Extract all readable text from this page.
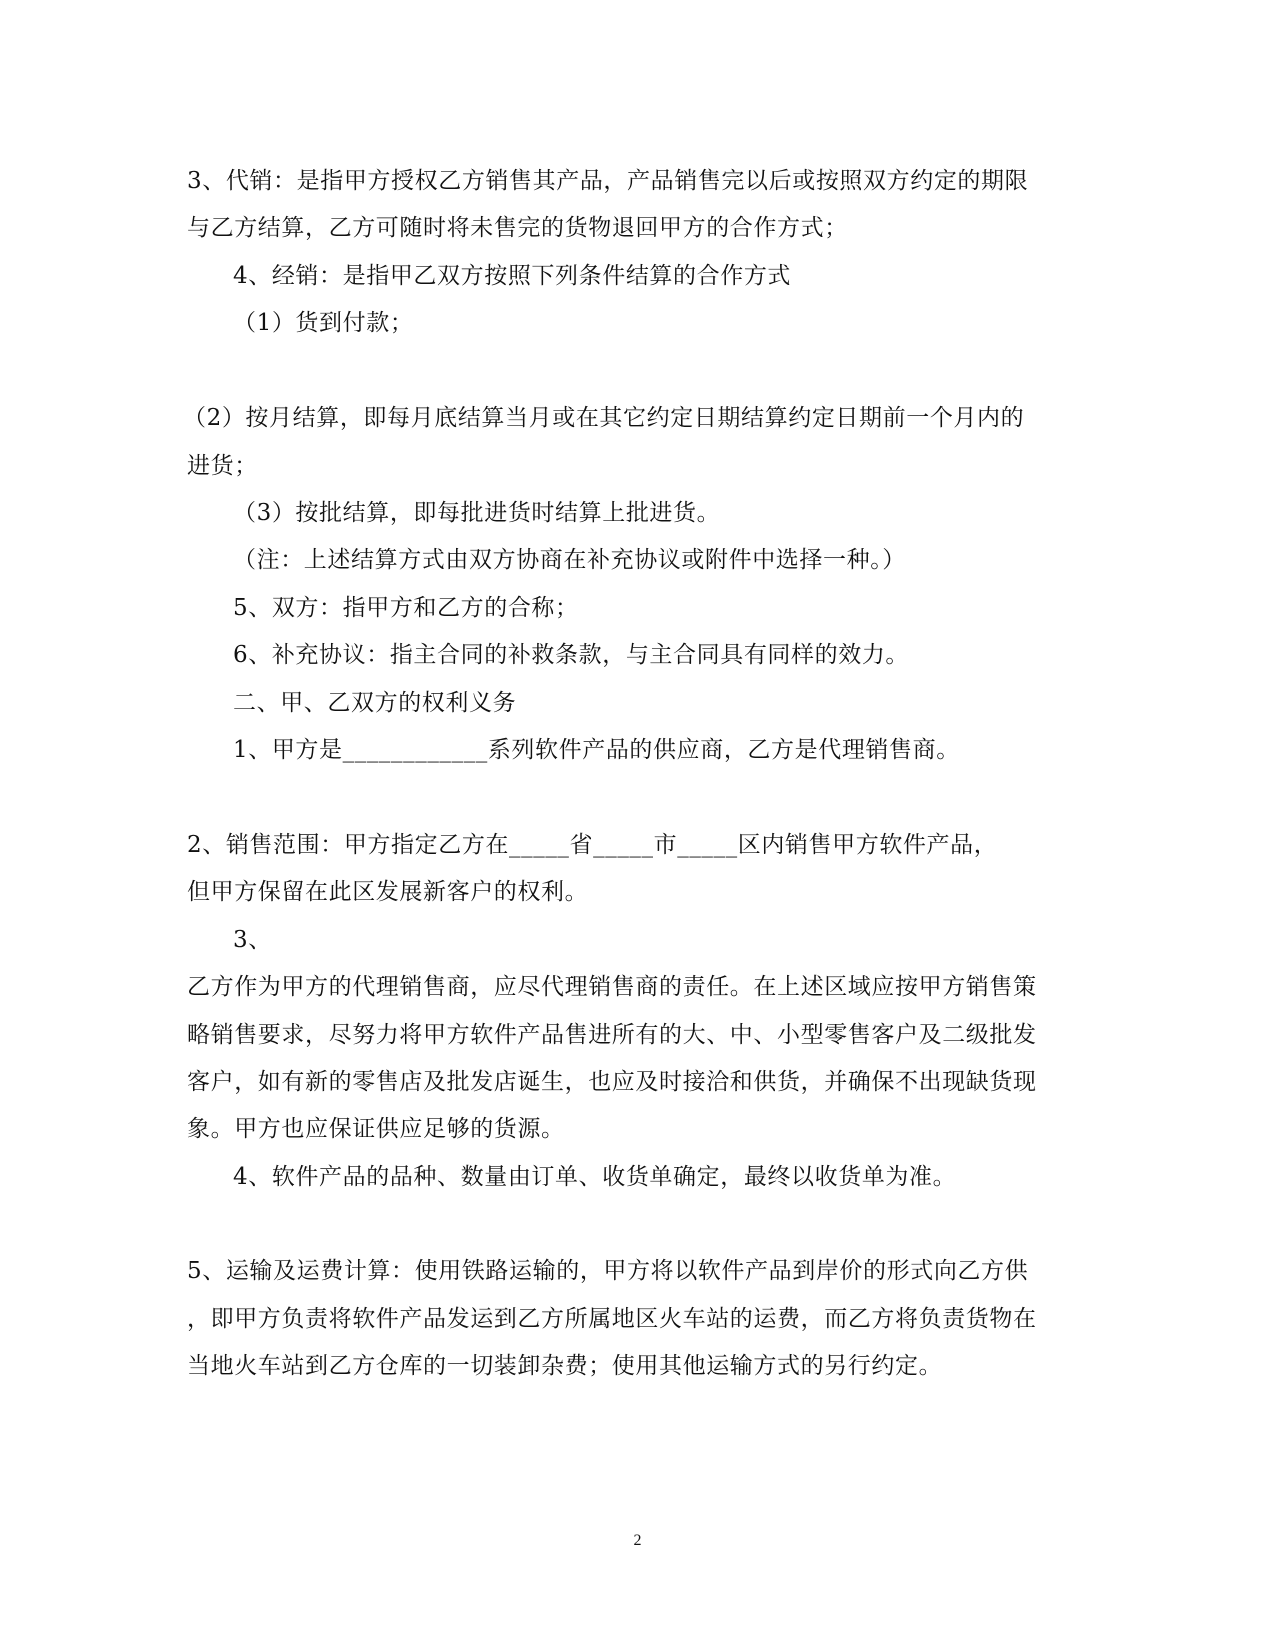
3、代销：是指甲方授权乙方销售其产品，产品销售完以后或按照双方约定的期限
与乙方结算，乙方可随时将未售完的货物退回甲方的合作方式；
4、经销：是指甲乙双方按照下列条件结算的合作方式
（1）货到付款；
（2）按月结算，即每月底结算当月或在其它约定日期结算约定日期前一个月内的
进货；
（3）按批结算，即每批进货时结算上批进货。
（注：上述结算方式由双方协商在补充协议或附件中选择一种。）
5、双方：指甲方和乙方的合称；
6、补充协议：指主合同的补救条款，与主合同具有同样的效力。
二、甲、乙双方的权利义务
1、甲方是____________系列软件产品的供应商，乙方是代理销售商。
2、销售范围：甲方指定乙方在_____省_____市_____区内销售甲方软件产品，
但甲方保留在此区发展新客户的权利。
3、
乙方作为甲方的代理销售商，应尽代理销售商的责任。在上述区域应按甲方销售策
略销售要求，尽努力将甲方软件产品售进所有的大、中、小型零售客户及二级批发
客户，如有新的零售店及批发店诞生，也应及时接洽和供货，并确保不出现缺货现
象。甲方也应保证供应足够的货源。
4、软件产品的品种、数量由订单、收货单确定，最终以收货单为准。
5、运输及运费计算：使用铁路运输的，甲方将以软件产品到岸价的形式向乙方供
，即甲方负责将软件产品发运到乙方所属地区火车站的运费，而乙方将负责货物在
当地火车站到乙方仓库的一切装卸杂费；使用其他运输方式的另行约定。
2
